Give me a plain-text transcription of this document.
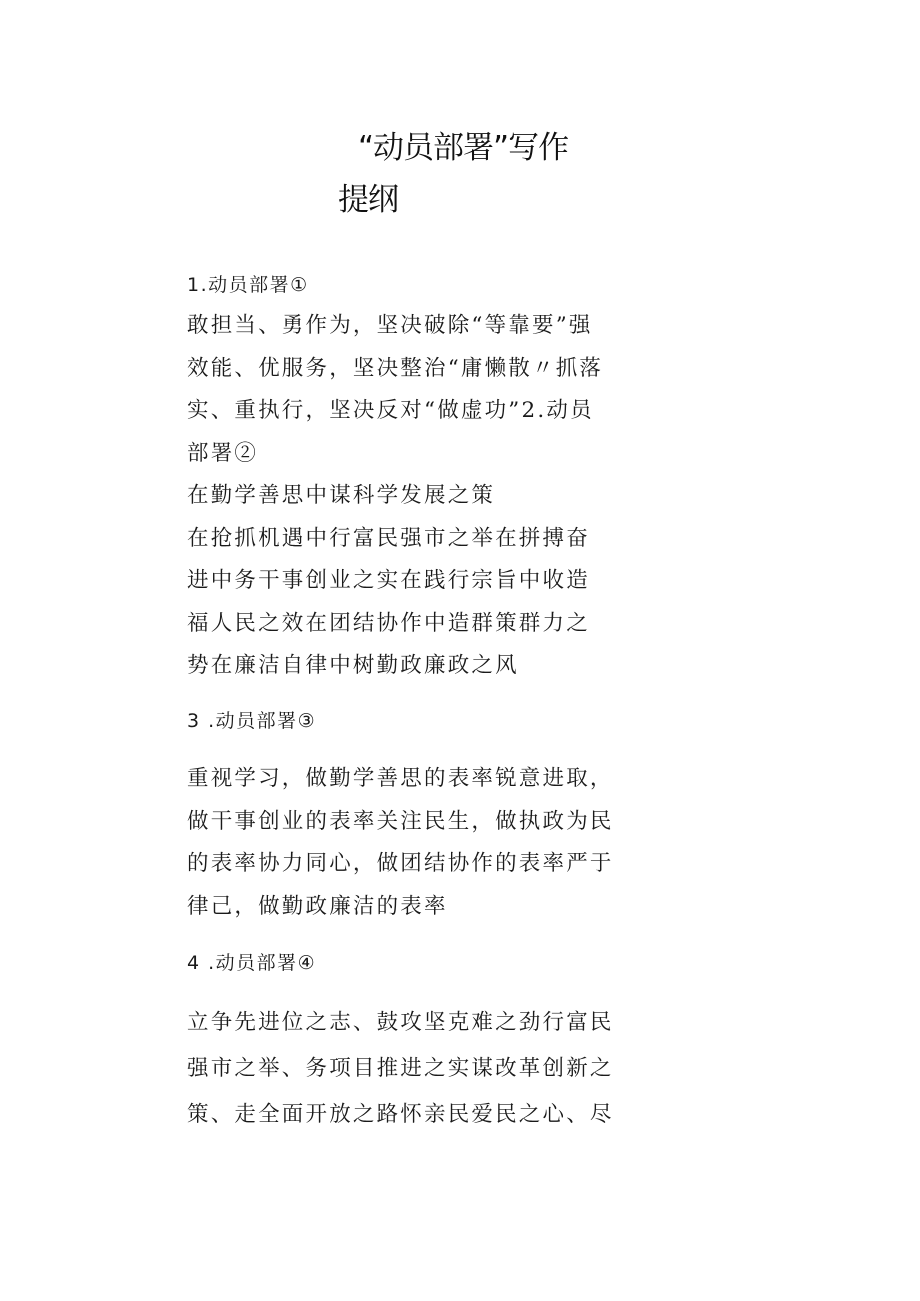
“动员部署”写作
提纲
1.动员部署①
敢担当、勇作为，坚决破除“等靠要”强
效能、优服务，坚决整治“庸懒散〃抓落
实、重执行，坚决反对“做虚功”2.动员
部署②
在勤学善思中谋科学发展之策
在抢抓机遇中行富民强市之举在拼搏奋
进中务干事创业之实在践行宗旨中收造
福人民之效在团结协作中造群策群力之
势在廉洁自律中树勤政廉政之风
3 .动员部署③
重视学习，做勤学善思的表率锐意进取，
做干事创业的表率关注民生，做执政为民
的表率协力同心，做团结协作的表率严于
律己，做勤政廉洁的表率
4 .动员部署④
立争先进位之志、鼓攻坚克难之劲行富民
强市之举、务项目推进之实谋改革创新之
策、走全面开放之路怀亲民爱民之心、尽
